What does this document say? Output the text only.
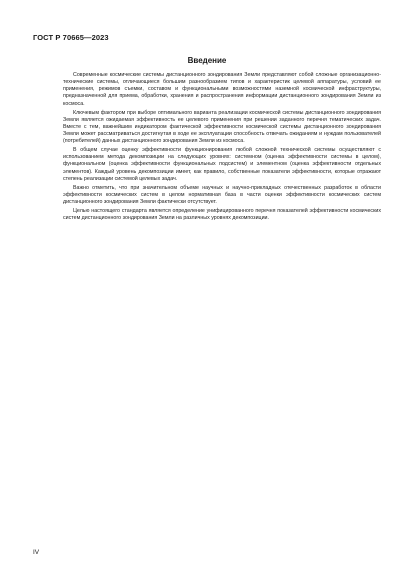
ГОСТ Р 70665—2023
Введение

Современные космические системы дистанционного зондирования Земли представляют собой сложные организационно-технические системы, отличающиеся большим разнообразием типов и характеристик целевой аппаратуры, условий ее применения, режимов съемки, составом и функциональными возможностями наземной космической инфраструктуры, предназначенной для приема, обработки, хранения и распространения информации дистанционного зондирования Земли из космоса.

Ключевым фактором при выборе оптимального варианта реализации космической системы дистанционного зондирования Земли является ожидаемая эффективность ее целевого применения при решении заданного перечня тематических задач. Вместе с тем, важнейшим индикатором фактической эффективности космической системы дистанционного зондирования Земли может рассматриваться достигнутая в ходе ее эксплуатации способность отвечать ожиданиям и нуждам пользователей (потребителей) данных дистанционного зондирования Земли из космоса.

В общем случае оценку эффективности функционирования любой сложной технической системы осуществляют с использованием метода декомпозиции на следующих уровнях: системном (оценка эффективности системы в целом), функциональном (оценка эффективности функциональных подсистем) и элементном (оценка эффективности отдельных элементов). Каждый уровень декомпозиции имеет, как правило, собственные показатели эффективности, которые отражают степень реализации системой целевых задач.

Важно отметить, что при значительном объеме научных и научно-прикладных отечественных разработок в области эффективности космических систем в целом нормативная база в части оценки эффективности космических систем дистанционного зондирования Земли фактически отсутствует.

Целью настоящего стандарта является определение унифицированного перечня показателей эффективности космических систем дистанционного зондирования Земли на различных уровнях декомпозиции.

IV
